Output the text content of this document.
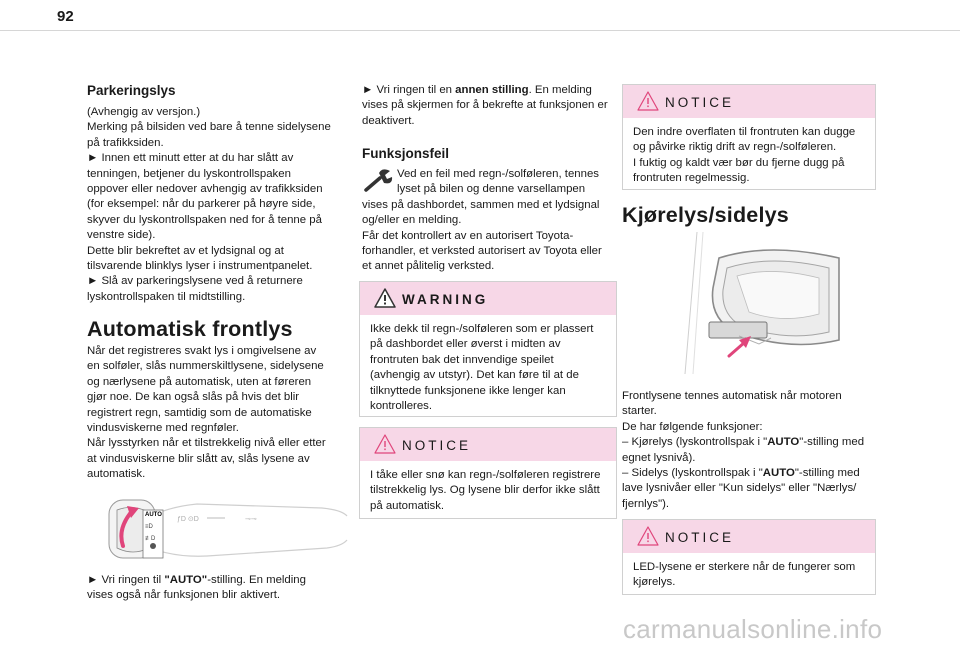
92
Parkeringslys
(Avhengig av versjon.)
Merking på bilsiden ved bare å tenne sidelysene
på trafikksiden.
► Innen ett minutt etter at du har slått av
tenningen, betjener du lyskontrollspaken
oppover eller nedover avhengig av trafikksiden
(for eksempel: når du parkerer på høyre side,
skyver du lyskontrollspaken ned for å tenne på
venstre side).
Dette blir bekreftet av et lydsignal og at
tilsvarende blinklys lyser i instrumentpanelet.
► Slå av parkeringslysene ved å returnere
lyskontrollspaken til midtstilling.
Automatisk frontlys
Når det registreres svakt lys i omgivelsene av
en solføler, slås nummerskiltlysene, sidelysene
og nærlysene på automatisk, uten at føreren
gjør noe. De kan også slås på hvis det blir
registrert regn, samtidig som de automatiske
vindusviskerne med regnføler.
Når lysstyrken når et tilstrekkelig nivå eller etter
at vindusviskerne blir slått av, slås lysene av
automatisk.
AUTO
≡D
≢D
ƒD ⊙D	⊸⊸
► Vri ringen til "AUTO"-stilling. En melding
vises også når funksjonen blir aktivert.
► Vri ringen til en annen stilling. En melding
vises på skjermen for å bekrefte at funksjonen er
deaktivert.
Funksjonsfeil
Ved en feil med regn-/solføleren, tennes
lyset på bilen og denne varsellampen
vises på dashbordet, sammen med et lydsignal
og/eller en melding.
Får det kontrollert av en autorisert Toyota-
forhandler, et verksted autorisert av Toyota eller
et annet pålitelig verksted.
WARNING
Ikke dekk til regn-/solføleren som er plassert
på dashbordet eller øverst i midten av
frontruten bak det innvendige speilet
(avhengig av utstyr). Det kan føre til at de
tilknyttede funksjonene ikke lenger kan
kontrolleres.
NOTICE
I tåke eller snø kan regn-/solføleren registrere
tilstrekkelig lys. Og lysene blir derfor ikke slått
på automatisk.
NOTICE
Den indre overflaten til frontruten kan dugge
og påvirke riktig drift av regn-/solføleren.
I fuktig og kaldt vær bør du fjerne dugg på
frontruten regelmessig.
Kjørelys/sidelys
Frontlysene tennes automatisk når motoren
starter.
De har følgende funksjoner:
– Kjørelys (lyskontrollspak i "AUTO"-stilling med
egnet lysnivå).
– Sidelys (lyskontrollspak i "AUTO"-stilling med
lave lysnivåer eller "Kun sidelys" eller "Nærlys/
fjernlys").
NOTICE
LED-lysene er sterkere når de fungerer som
kjørelys.
carmanualsonline.info
